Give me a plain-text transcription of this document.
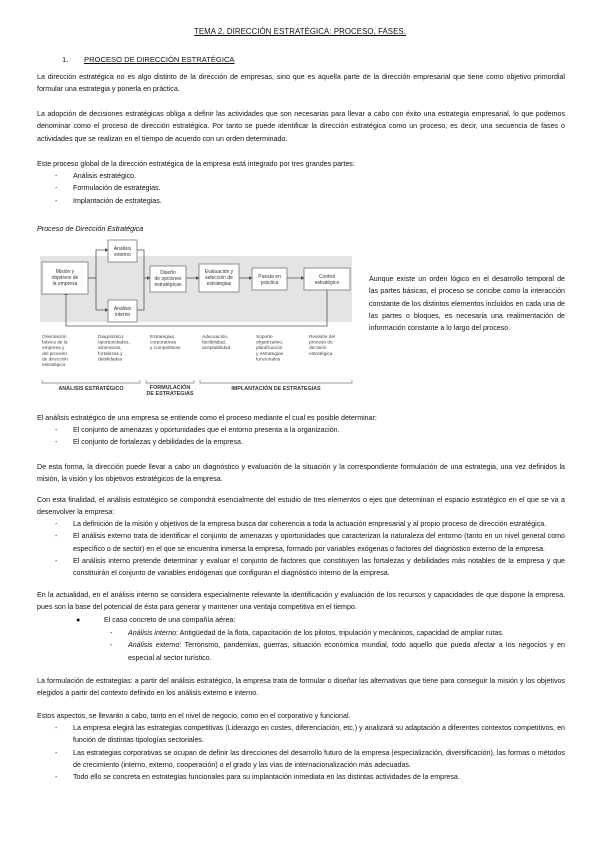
TEMA 2. DIRECCIÓN ESTRATÉGICA: PROCESO, FASES.
1. PROCESO DE DIRECCIÓN ESTRATÉGICA

La dirección estratégica no es algo distinto de la dirección de empresas, sino que es aquella parte de la dirección empresarial que tiene como objetivo primordial formular una estrategia y ponerla en práctica.

La adopción de decisiones estratégicas obliga a definir las actividades que son necesarias para llevar a cabo con éxito una estrategia empresarial, lo que podemos denominar como el proceso de dirección estratégica. Por tanto se puede identificar la dirección estratégica como un proceso, es decir, una secuencia de fases o actividades que se realizan en el tiempo de acuerdo con un orden determinado.

Este proceso global de la dirección estratégica de la empresa está integrado por tres grandes partes:

- Análisis estratégico.
- Formulación de estrategias.
- Implantación de estrategias.
Proceso de Dirección Estratégica
Misión y objetivos de la empresa
Análisis externo
Análisis interno
Diseño de opciones estratégicas
Evaluación y selección de estrategias
Puesta en práctica
Control estratégico
Orientación básica de la empresa y del proceso de dirección estratégica
Diagnóstico: oportunidades, amenazas, fortalezas y debilidades
Estrategias corporativas y competitivas
Adecuación, factibilidad, aceptabilidad
Soporte organizativo, planificación y estrategias funcionales
Revisión del proceso de decisión estratégica
ANÁLISIS ESTRATÉGICO	FORMULACIÓN DE ESTRATEGIAS
IMPLANTACIÓN DE ESTRATEGIAS

Aunque existe un orden lógico en el desarrollo temporal de las partes básicas, el proceso se concibe como la interacción constante de los distintos elementos incluidos en cada una de las partes o bloques, es necesaria una realimentación de información constante a lo largo del proceso.

El análisis estratégico de una empresa se entiende como el proceso mediante el cual es posible determinar:

- El conjunto de amenazas y oportunidades que el entorno presenta a la organización.
- El conjunto de fortalezas y debilidades de la empresa.

De esta forma, la dirección puede llevar a cabo un diagnóstico y evaluación de la situación y la correspondiente formulación de una estrategia, una vez definidos la misión, la visión y los objetivos estratégicos de la empresa.

Con esta finalidad, el análisis estratégico se compondrá esencialmente del estudio de tres elementos o ejes que determinan el espacio estratégico en el que se va a desenvolver la empresa:

- La definición de la misión y objetivos de la empresa busca dar coherencia a toda la actuación empresarial y al propio proceso de dirección estratégica.
- El análisis externo trata de identificar el conjunto de amenazas y oportunidades que caracterizan la naturaleza del entorno (tanto en un nivel general como específico o de sector) en el que se encuentra inmersa la empresa, formado por variables exógenas o factores del diagnóstico externo de la empresa.
- El análisis interno pretende determinar y evaluar el conjunto de factores que constituyen las fortalezas y debilidades más notables de la empresa y que constituirán el conjunto de variables endógenas que configuran el diagnóstico interno de la empresa.

En la actualidad, en el análisis interno se considera especialmente relevante la identificación y evaluación de los recursos y capacidades de que dispone la empresa, pues son la base del potencial de ésta para generar y mantener una ventaja competitiva en el tiempo.

●	El caso concreto de una compañía aérea:
- Análisis interno: Antigüedad de la flota, capacitación de los pilotos, tripulación y mecánicos, capacidad de ampliar rutas.
- Análisis externo: Terrorismo, pandemias, guerras, situación económica mundial, todo aquello que pueda afectar a los negocios y en especial al sector turístico.

La formulación de estrategias: a partir del análisis estratégico, la empresa trata de formular o diseñar las alternativas que tiene para conseguir la misión y los objetivos elegidos a partir del contexto definido en los análisis externo e interno.

Estos aspectos, se llevarán a cabo, tanto en el nivel de negocio, como en el corporativo y funcional.

- La empresa elegirá las estrategias competitivas (Liderazgo en costes, diferenciación, etc.) y analizará su adaptación a diferentes contextos competitivos, en función de distintas tipologías sectoriales.
- Las estrategias corporativas se ocupan de definir las direcciones del desarrollo futuro de la empresa (especialización, diversificación), las formas o métodos de crecimiento (interno, externo, cooperación) o el grado y las vías de internacionalización más adecuadas.
- Todo ello se concreta en estrategias funcionales para su implantación inmediata en las distintas actividades de la empresa.
